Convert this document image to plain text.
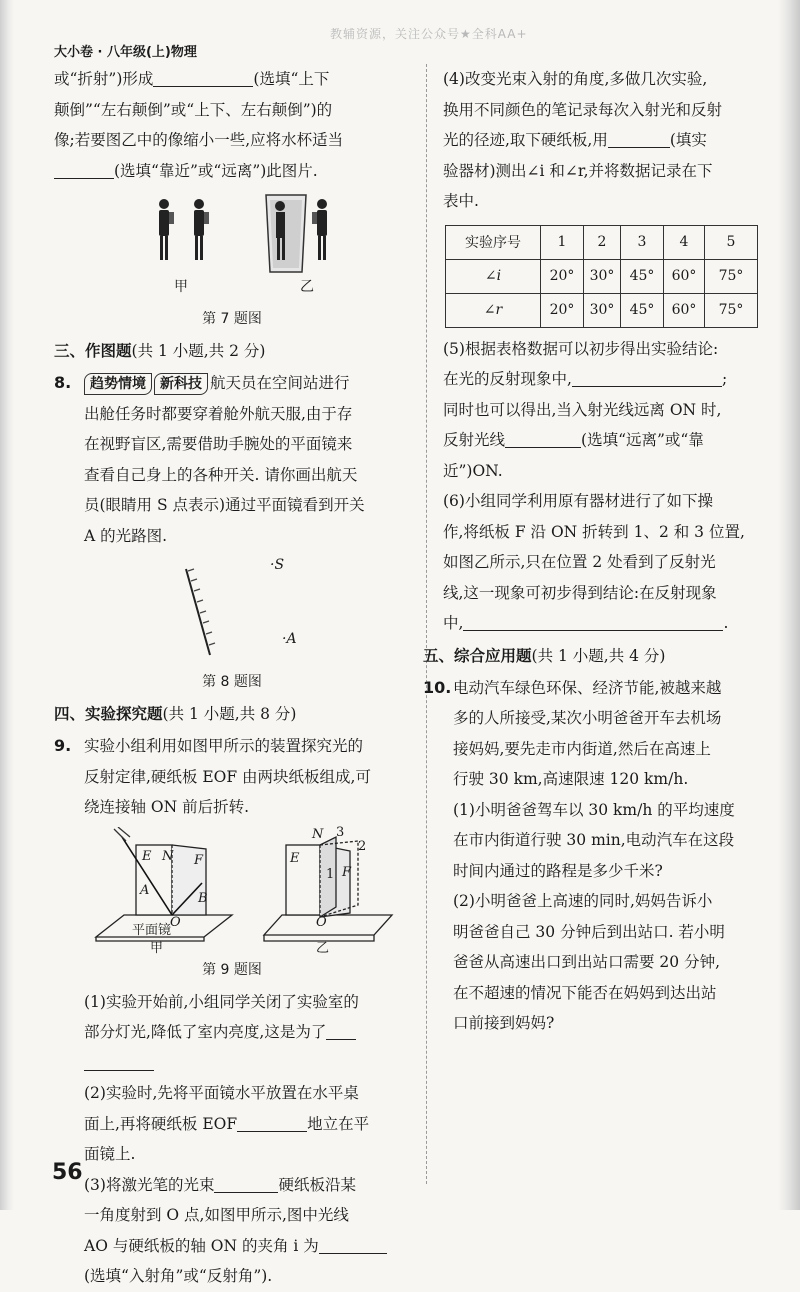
教辅资源，关注公众号★全科AA+
大小卷 · 八年级(上)物理

或“折射”)形成	(选填“上下

颠倒”“左右颠倒”或“上下、左右颠倒”)的

像;若要图乙中的像缩小一些,应将水杯适当

(选填“靠近”或“远离”)此图片.

甲	乙
第 7 题图
三、作图题(共 1 小题,共 2 分)
8.	趋势情境 新科技 航天员在空间站进行

出舱任务时都要穿着舱外航天服,由于存

在视野盲区,需要借助手腕处的平面镜来

查看自己身上的各种开关. 请你画出航天

员(眼睛用 S 点表示)通过平面镜看到开关

A 的光路图.

·S
·A
第 8 题图
四、实验探究题(共 1 小题,共 8 分)
9. 实验小组利用如图甲所示的装置探究光的

反射定律,硬纸板 EOF 由两块纸板组成,可

绕连接轴 ON 前后折转.

E N F
A
B
O
平面镜
甲
N 3
2
1
E
F
O
乙
第 9 题图

(1)实验开始前,小组同学关闭了实验室的

部分灯光,降低了室内亮度,这是为了

(2)实验时,先将平面镜水平放置在水平桌

面上,再将硬纸板 EOF	地立在平

面镜上.

(3)将激光笔的光束	硬纸板沿某

一角度射到 O 点,如图甲所示,图中光线

AO 与硬纸板的轴 ON 的夹角 i 为

(选填“入射角”或“反射角”).

(4)改变光束入射的角度,多做几次实验,

换用不同颜色的笔记录每次入射光和反射

光的径迹,取下硬纸板,用	(填实

验器材)测出∠i 和∠r,并将数据记录在下

表中.

实验序号	1	2	3	4	5
∠i	20°	30°	45°	60°	75°
∠r	20°	30°	45°	60°	75°

(5)根据表格数据可以初步得出实验结论:

在光的反射现象中,	;

同时也可以得出,当入射光线远离 ON 时,

反射光线	(选填“远离”或“靠

近”)ON.

(6)小组同学利用原有器材进行了如下操

作,将纸板 F 沿 ON 折转到 1、2 和 3 位置,

如图乙所示,只在位置 2 处看到了反射光

线,这一现象可初步得到结论:在反射现象

中,	.

五、综合应用题(共 1 小题,共 4 分)
10. 电动汽车绿色环保、经济节能,被越来越

多的人所接受,某次小明爸爸开车去机场

接妈妈,要先走市内街道,然后在高速上

行驶 30 km,高速限速 120 km/h.

(1)小明爸爸驾车以 30 km/h 的平均速度

在市内街道行驶 30 min,电动汽车在这段

时间内通过的路程是多少千米?

(2)小明爸爸上高速的同时,妈妈告诉小

明爸爸自己 30 分钟后到出站口. 若小明

爸爸从高速出口到出站口需要 20 分钟,

在不超速的情况下能否在妈妈到达出站

口前接到妈妈?

56
